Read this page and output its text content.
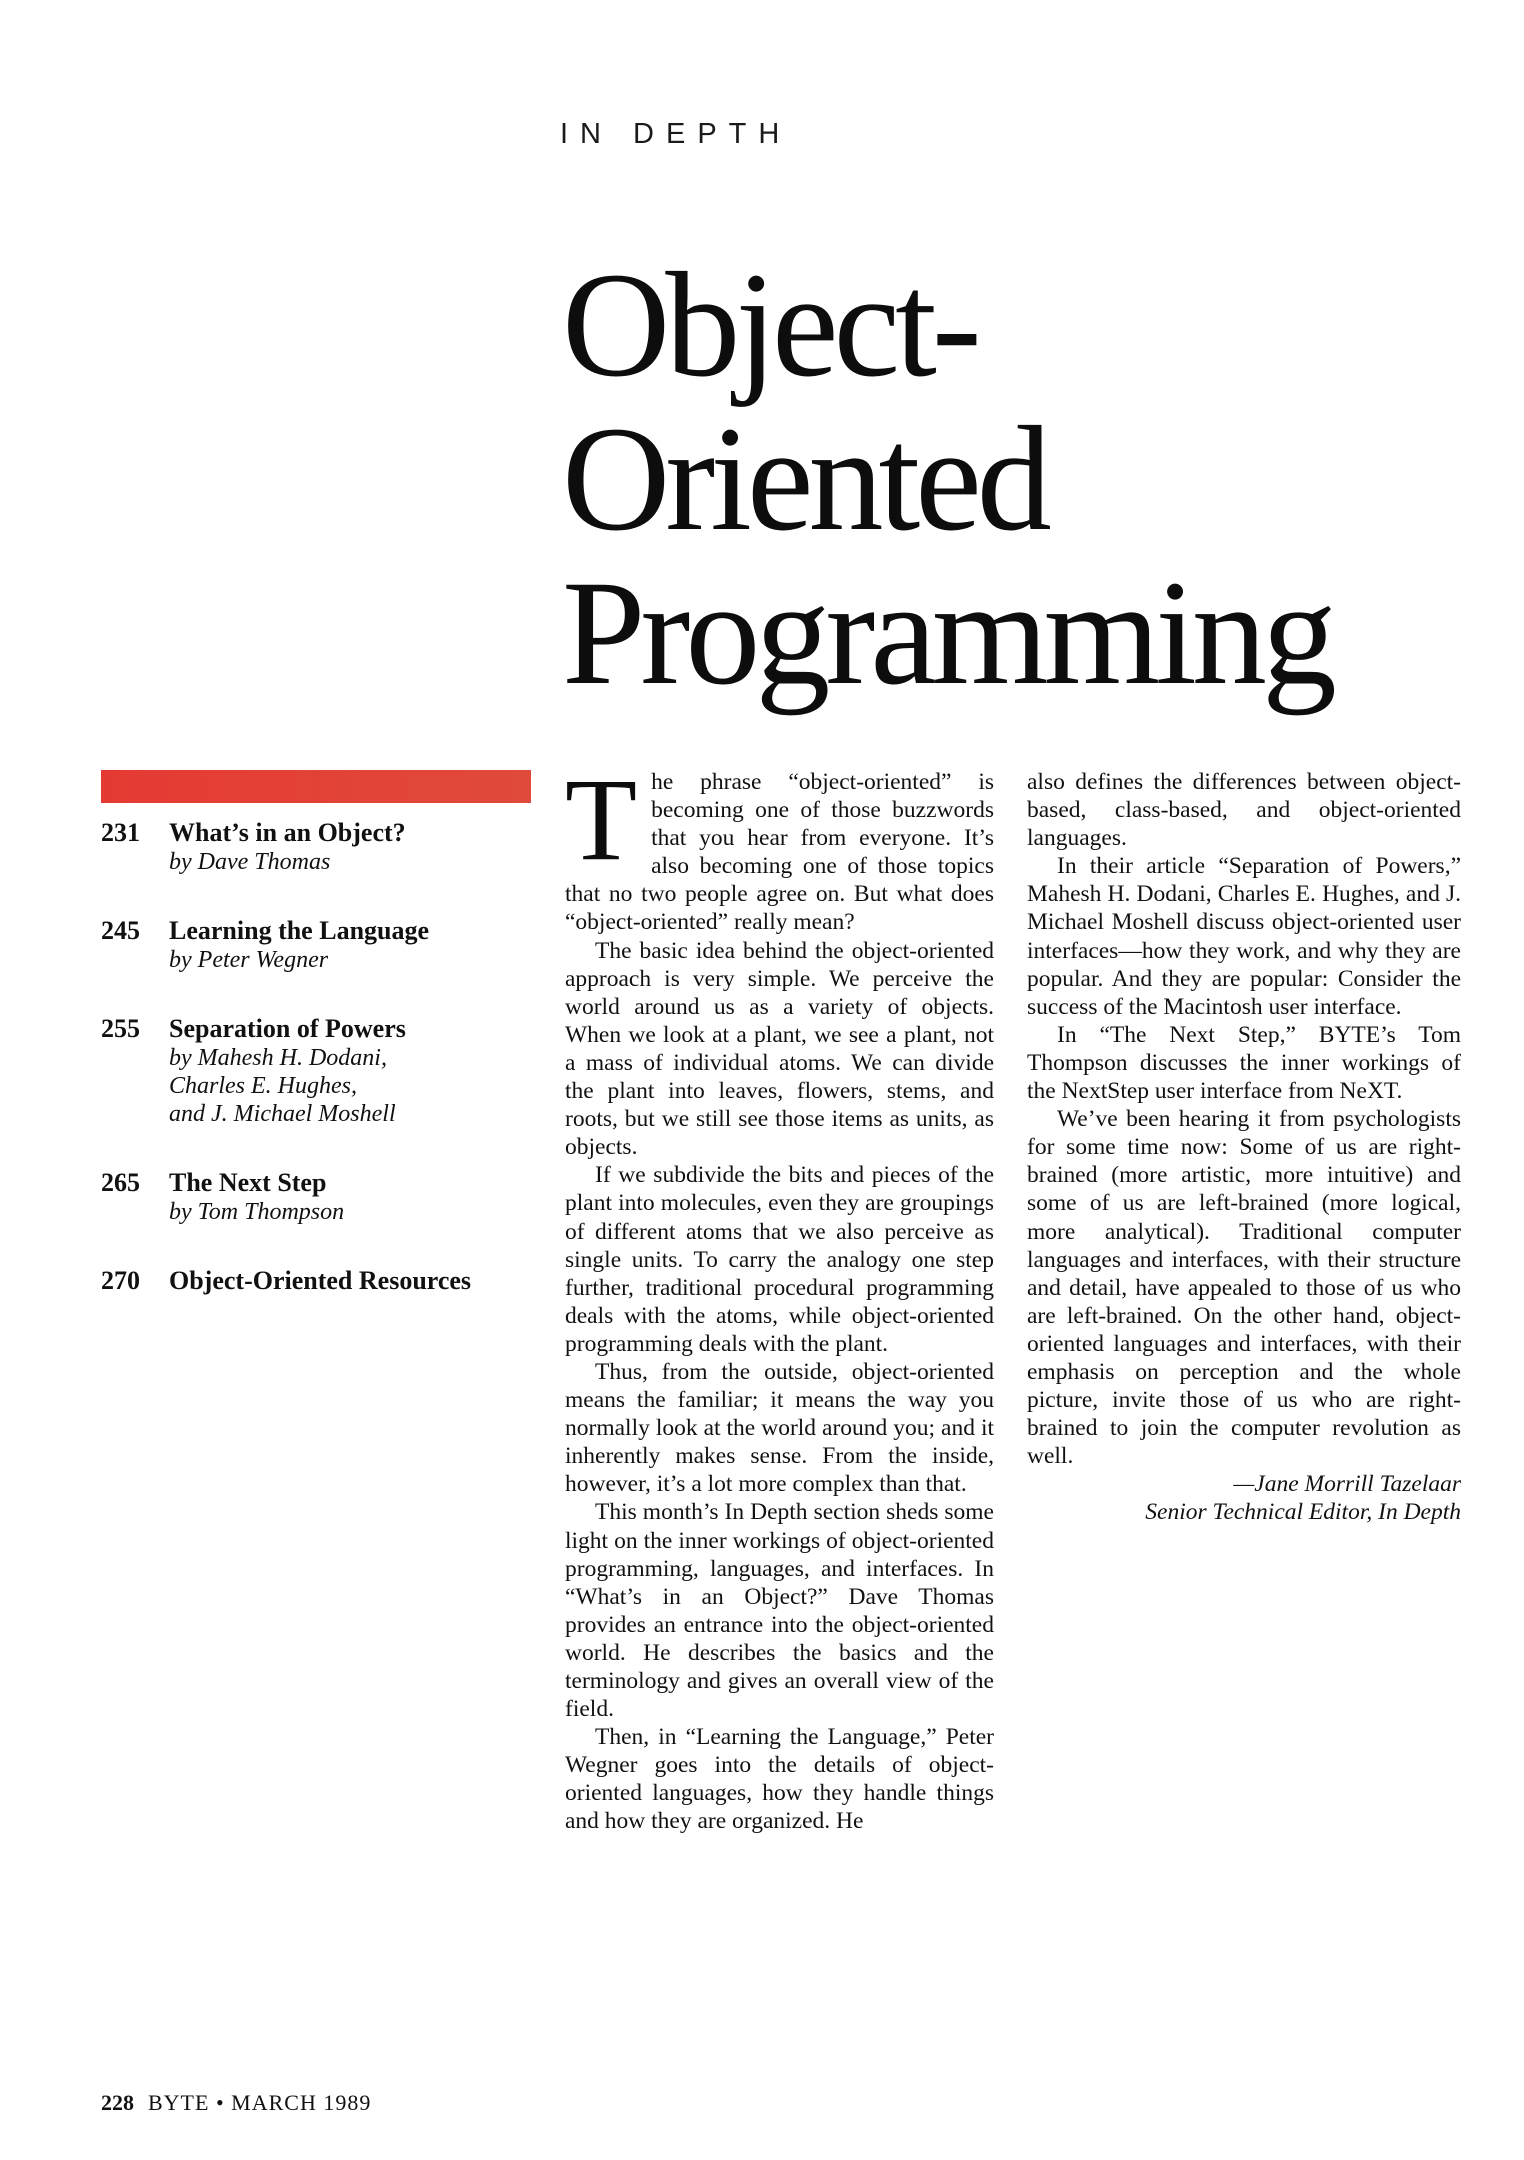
IN DEPTH
Object-
Oriented
Programming
231 What’s in an Object?
by Dave Thomas
245 Learning the Language
by Peter Wegner
255 Separation of Powers
by Mahesh H. Dodani,
Charles E. Hughes,
and J. Michael Moshell
265 The Next Step
by Tom Thompson
270 Object-Oriented Resources

The phrase “object-oriented” is becoming one of those buzzwords that you hear from everyone. It’s also becoming one of those topics that no two people agree on. But what does “object-oriented” really mean?

The basic idea behind the object-oriented approach is very simple. We perceive the world around us as a variety of objects. When we look at a plant, we see a plant, not a mass of individual atoms. We can divide the plant into leaves, flowers, stems, and roots, but we still see those items as units, as objects.

If we subdivide the bits and pieces of the plant into molecules, even they are groupings of different atoms that we also perceive as single units. To carry the analogy one step further, traditional procedural programming deals with the atoms, while object-oriented programming deals with the plant.

Thus, from the outside, object-oriented means the familiar; it means the way you normally look at the world around you; and it inherently makes sense. From the inside, however, it’s a lot more complex than that.

This month’s In Depth section sheds some light on the inner workings of object-oriented programming, languages, and interfaces. In “What’s in an Object?” Dave Thomas provides an entrance into the object-oriented world. He describes the basics and the terminology and gives an overall view of the field.

Then, in “Learning the Language,” Peter Wegner goes into the details of object-oriented languages, how they handle things and how they are organized. He

also defines the differences between object-based, class-based, and object-oriented languages.

In their article “Separation of Powers,” Mahesh H. Dodani, Charles E. Hughes, and J. Michael Moshell discuss object-oriented user interfaces—how they work, and why they are popular. And they are popular: Consider the success of the Macintosh user interface.

In “The Next Step,” BYTE’s Tom Thompson discusses the inner workings of the NextStep user interface from NeXT.

We’ve been hearing it from psychologists for some time now: Some of us are right-brained (more artistic, more intuitive) and some of us are left-brained (more logical, more analytical). Traditional computer languages and interfaces, with their structure and detail, have appealed to those of us who are left-brained. On the other hand, object-oriented languages and interfaces, with their emphasis on perception and the whole picture, invite those of us who are right-brained to join the computer revolution as well.

—Jane Morrill Tazelaar
Senior Technical Editor, In Depth
228 BYTE • MARCH 1989
